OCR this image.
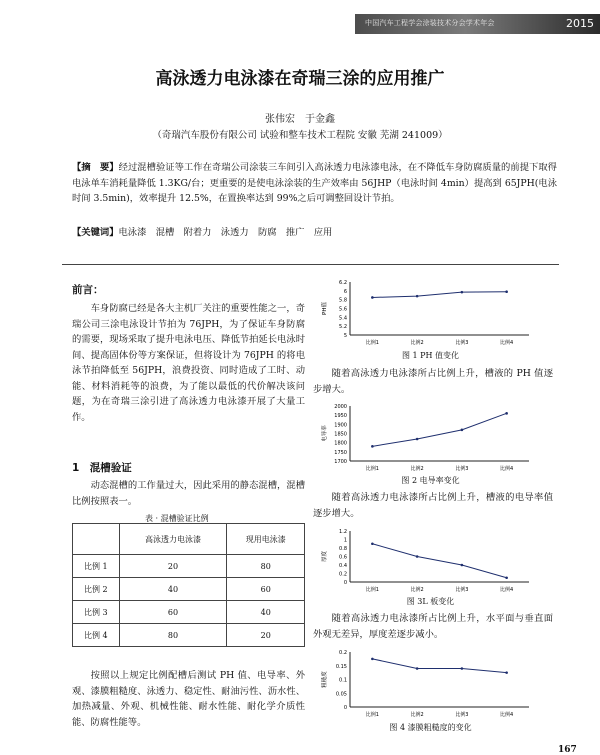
中国汽车工程学会涂装技术分会学术年会	2015
高泳透力电泳漆在奇瑞三涂的应用推广
张伟宏　于金鑫
（奇瑞汽车股份有限公司 试验和整车技术工程院 安徽 芜湖 241009）
【摘　要】经过混槽验证等工作在奇瑞公司涂装三车间引入高泳透力电泳漆电泳，在不降低车身防腐质量的前提下取得电泳单车消耗量降低 1.3KG/台；更重要的是使电泳涂装的生产效率由 56JHP（电泳时间 4min）提高到 65JPH(电泳时间 3.5min)，效率提升 12.5%，在置换率达到 99%之后可调整回设计节拍。
【关键词】电泳漆　混槽　附着力　泳透力　防腐　推广　应用
前言：

车身防腐已经是各大主机厂关注的重要性能之一，奇瑞公司三涂电泳设计节拍为 76JPH，为了保证车身防腐的需要，现场采取了提升电泳电压、降低节拍延长电泳时间、提高固体份等方案保证，但将设计为 76JPH 的将电泳节拍降低至 56JPH，浪费投资、同时造成了工时、动能、材料消耗等的浪费，为了能以最低的代价解决该问题，为在奇瑞三涂引进了高泳透力电泳漆开展了大量工作。

1　混槽验证

动态混槽的工作量过大，因此采用的静态混槽，混槽比例按照表一。

表 · 混槽验证比例
	高泳透力电泳漆	现用电泳漆
比例 1	20	80
比例 2	40	60
比例 3	60	40
比例 4	80	20

按照以上规定比例配槽后测试 PH 值、电导率、外观、漆膜粗糙度、泳透力、稳定性、耐油污性、沥水性、加热减量、外观、机械性能、耐水性能、耐化学介质性能、防腐性能等。

PH值
6.2
6
5.8
5.6
5.4
5.2
5
比例1	比例2	比例3	比例4
图 1 PH 值变化

随着高泳透力电泳漆所占比例上升，槽液的 PH 值逐步增大。

电导率
2000
1950
1900
1850
1800
1750
1700
比例1	比例2	比例3	比例4
图 2 电导率变化

随着高泳透力电泳漆所占比例上升，槽液的电导率值逐步增大。

厚度
1.2
1
0.8
0.6
0.4
0.2
0
比例1	比例2	比例3	比例4
图 3L 板变化

随着高泳透力电泳漆所占比例上升，水平面与垂直面外观无差异，厚度差逐步减小。

粗糙度
0.2
0.15
0.1
0.05
0
比例1	比例2	比例3	比例4
图 4 漆膜粗糙度的变化
167
